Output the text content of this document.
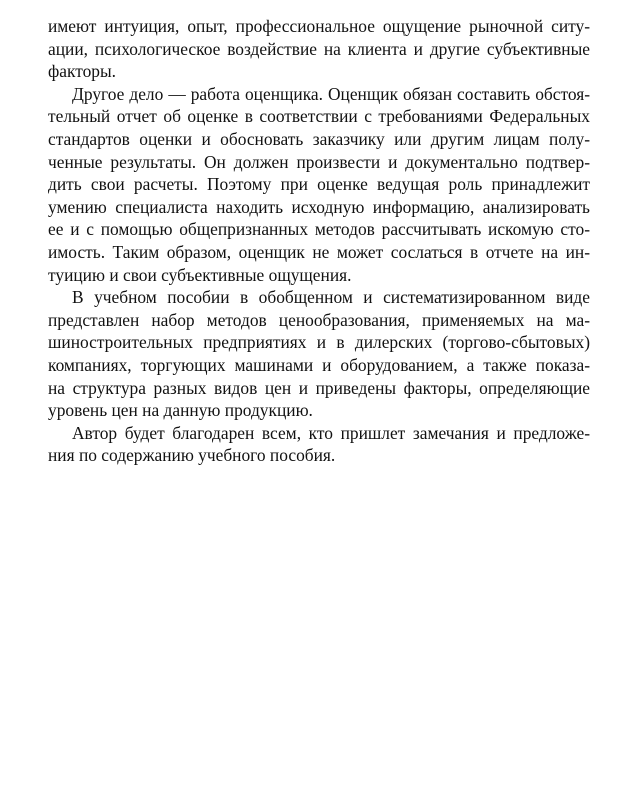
имеют интуиция, опыт, профессиональное ощущение рыночной ситу-
ации, психологическое воздействие на клиента и другие субъективные
факторы.

Другое дело — работа оценщика. Оценщик обязан составить обстоя-
тельный отчет об оценке в соответствии с требованиями Федеральных
стандартов оценки и обосновать заказчику или другим лицам полу-
ченные результаты. Он должен произвести и документально подтвер-
дить свои расчеты. Поэтому при оценке ведущая роль принадлежит
умению специалиста находить исходную информацию, анализировать
ее и с помощью общепризнанных методов рассчитывать искомую сто-
имость. Таким образом, оценщик не может сослаться в отчете на ин-
туицию и свои субъективные ощущения.

В учебном пособии в обобщенном и систематизированном виде
представлен набор методов ценообразования, применяемых на ма-
шиностроительных предприятиях и в дилерских (торгово-сбытовых)
компаниях, торгующих машинами и оборудованием, а также показа-
на структура разных видов цен и приведены факторы, определяющие
уровень цен на данную продукцию.

Автор будет благодарен всем, кто пришлет замечания и предложе-
ния по содержанию учебного пособия.
